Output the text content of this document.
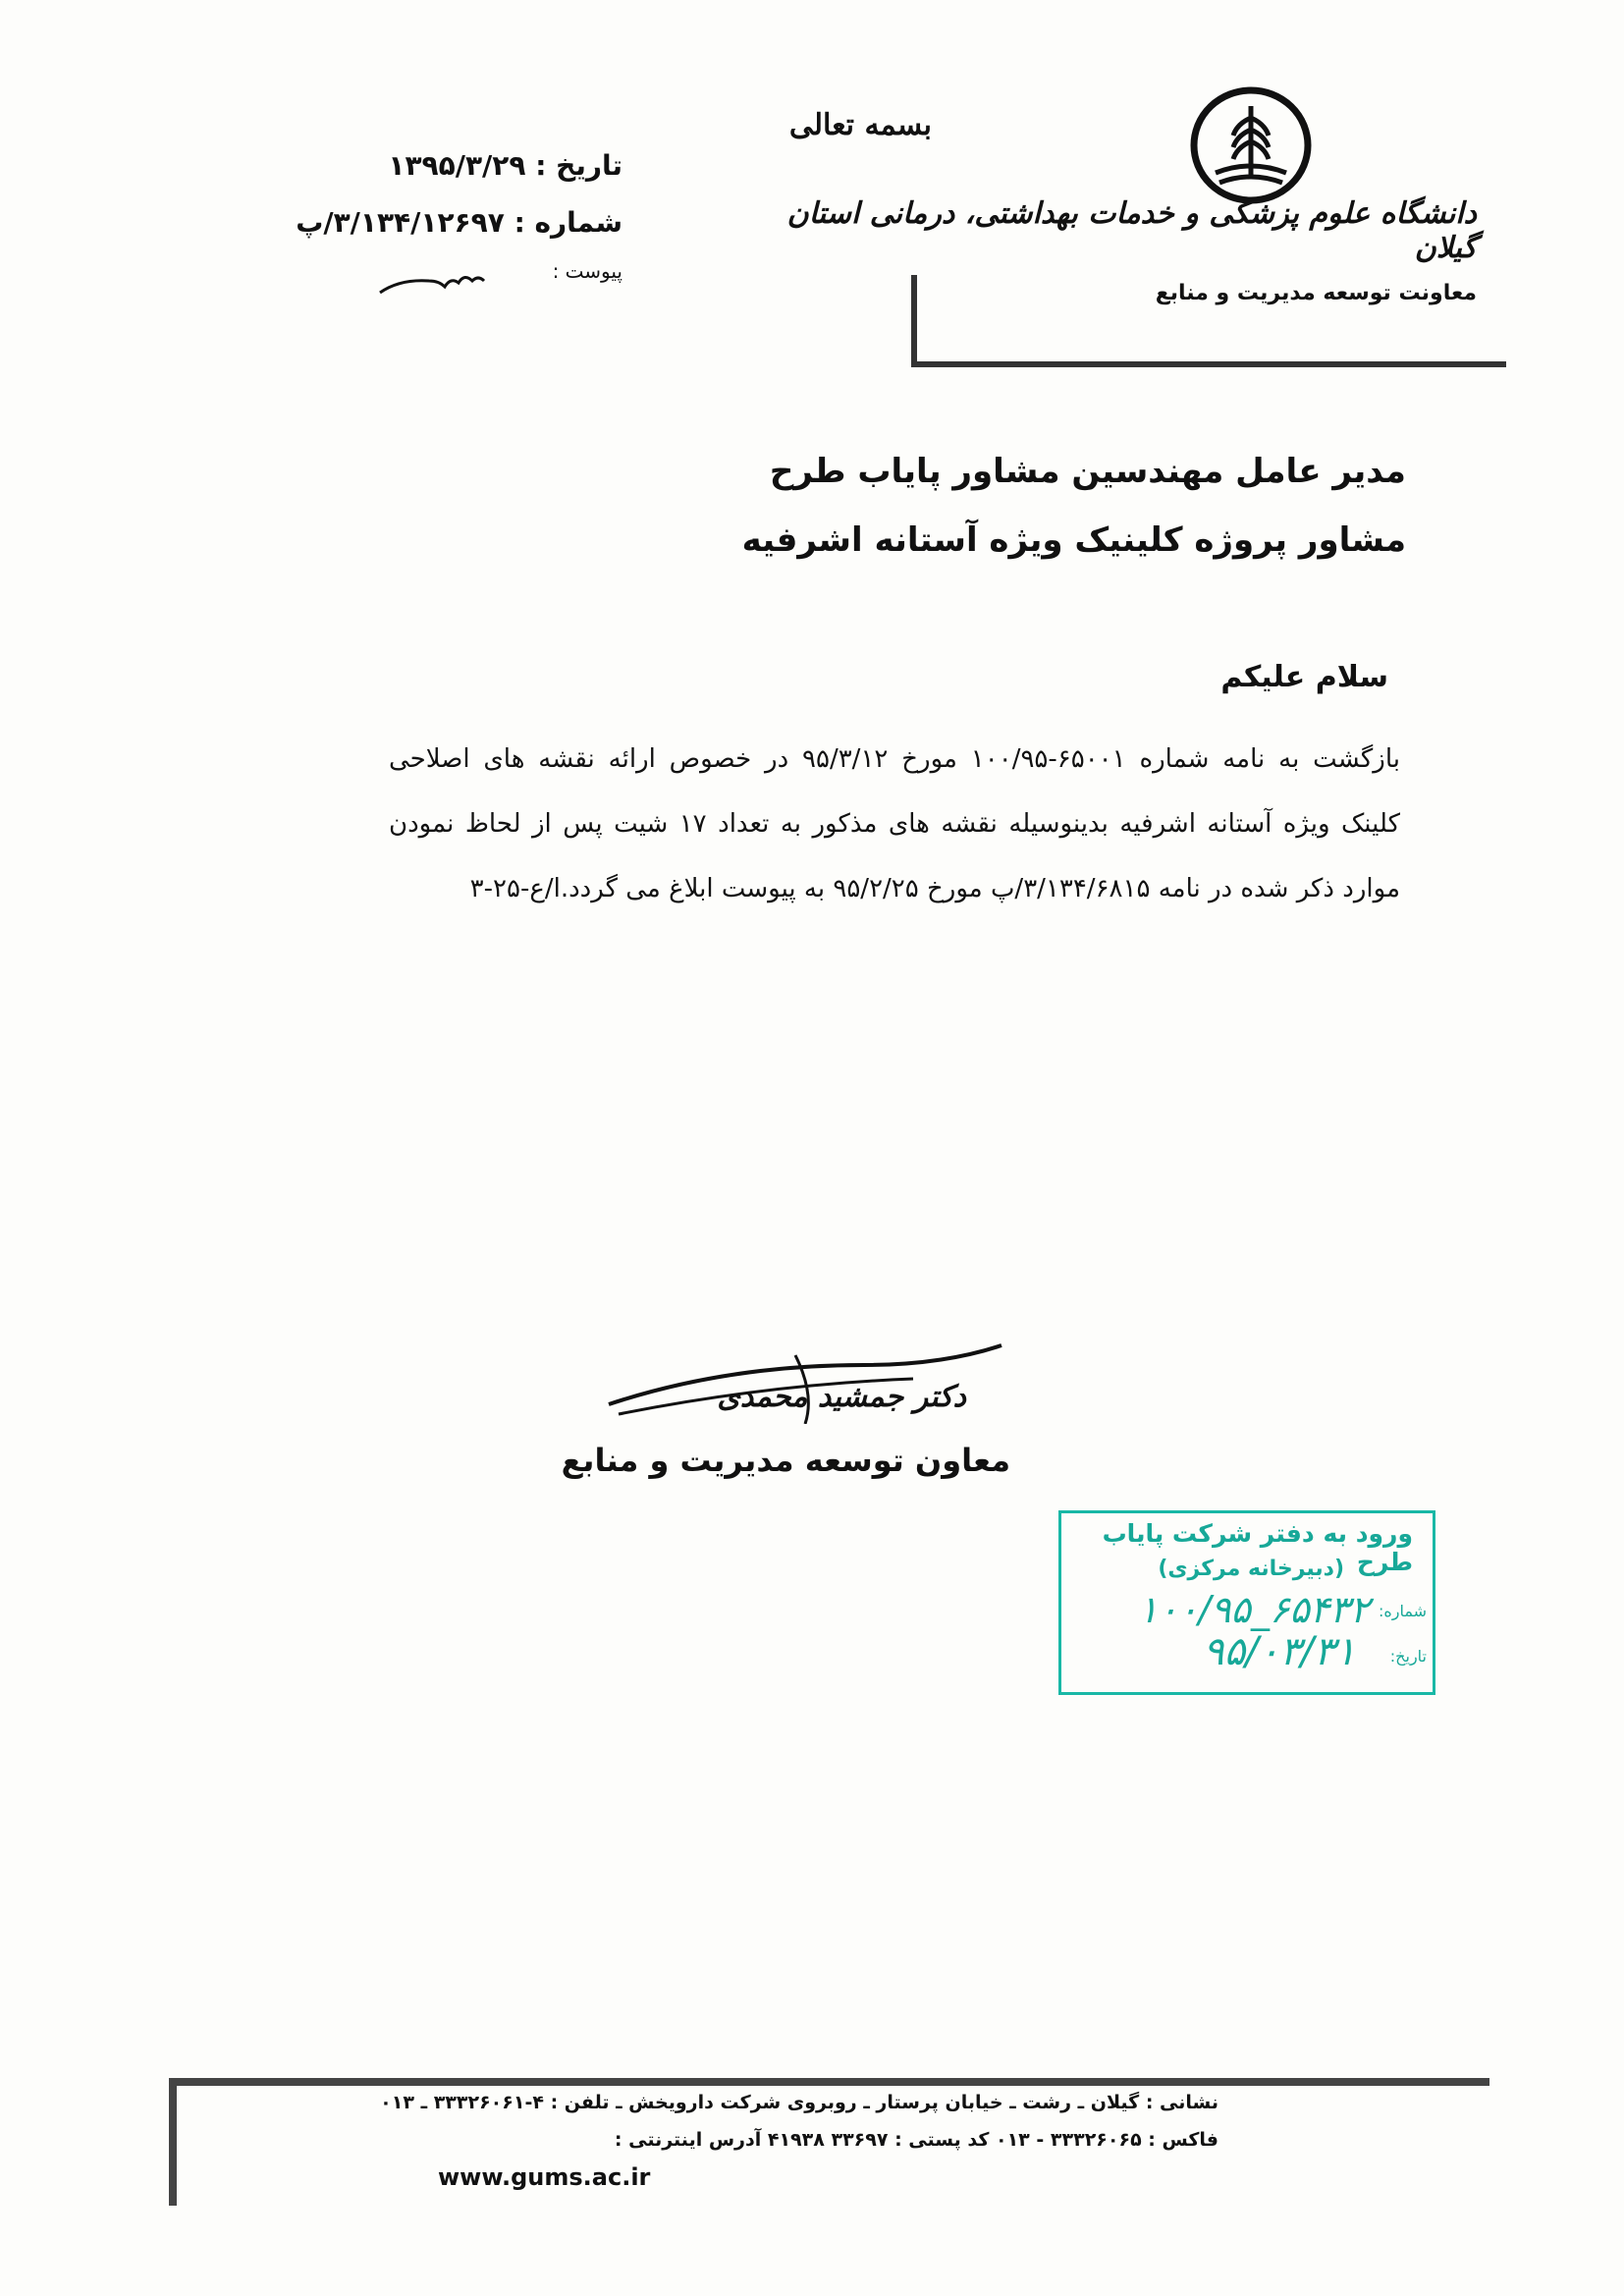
بسمه تعالی
دانشگاه علوم پزشکی و خدمات بهداشتی، درمانی استان گیلان
معاونت توسعه مدیریت و منابع
تاریخ : ۱۳۹۵/۳/۲۹
شماره : ۳/۱۳۴/۱۲۶۹۷/پ
پیوست :
مدیر عامل مهندسین مشاور پایاب طرح
مشاور پروژه کلینیک ویژه آستانه اشرفیه
سلام علیکم
بازگشت به نامه شماره ۶۵۰۰۱-۱۰۰/۹۵ مورخ ۹۵/۳/۱۲ در خصوص ارائه نقشه های اصلاحی کلینک ویژه آستانه اشرفیه بدینوسیله نقشه های مذکور به تعداد ۱۷ شیت پس از لحاظ نمودن موارد ذکر شده در نامه ۳/۱۳۴/۶۸۱۵/پ مورخ ۹۵/۲/۲۵ به پیوست ابلاغ می گردد.ا/ع-۲۵-۳
دکتر جمشید محمدی
معاون توسعه مدیریت و منابع
ورود به دفتر شرکت پایاب طرح
(دبیرخانه مرکزی)
شماره:
۱۰۰/۹۵_۶۵۴۳۲
تاریخ:
۹۵/۰۳/۳۱
نشانی : گیلان ـ رشت ـ خیابان پرستار ـ روبروی شرکت دارویخش ـ تلفن : ۴-۳۳۳۲۶۰۶۱ ـ ۰۱۳
فاکس : ۳۳۳۲۶۰۶۵ - ۰۱۳ کد پستی : ۳۳۶۹۷ ۴۱۹۳۸ آدرس اینترنتی :
www.gums.ac.ir
